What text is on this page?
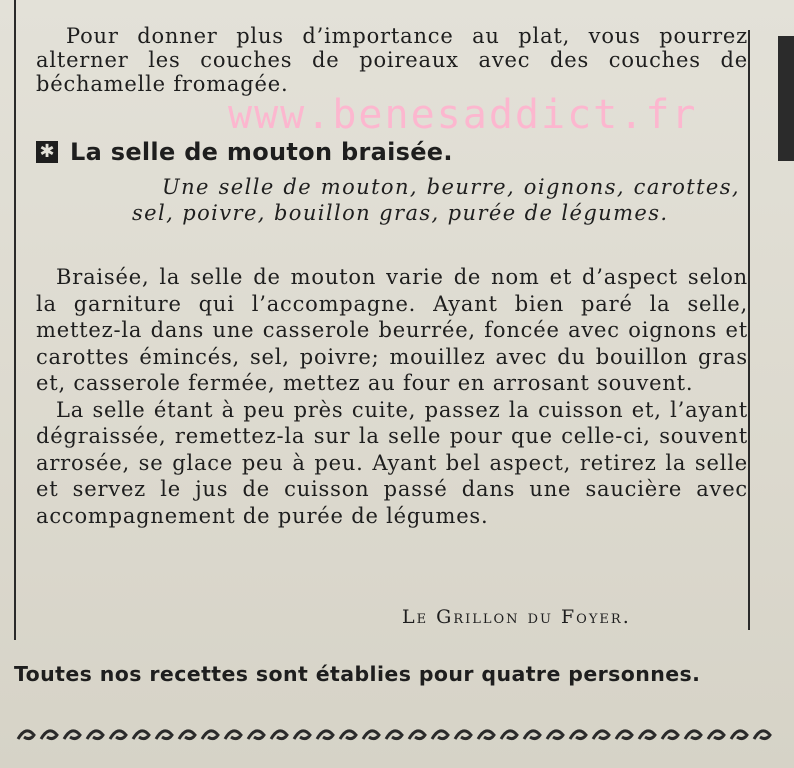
Pour donner plus d’importance au plat, vous pourrez alterner les couches de poireaux avec des couches de béchamelle fromagée.
www.benesaddict.fr
✱ La selle de mouton braisée.
Une selle de mouton, beurre, oignons, carottes, sel, poivre, bouillon gras, purée de légumes.

Braisée, la selle de mouton varie de nom et d’aspect selon la garniture qui l’accompagne. Ayant bien paré la selle, mettez-la dans une casserole beurrée, foncée avec oignons et carottes émincés, sel, poivre; mouillez avec du bouillon gras et, casserole fermée, mettez au four en arrosant souvent.

La selle étant à peu près cuite, passez la cuisson et, l’ayant dégraissée, remettez-la sur la selle pour que celle-ci, souvent arrosée, se glace peu à peu. Ayant bel aspect, retirez la selle et servez le jus de cuisson passé dans une saucière avec accompagnement de purée de légumes.

Le Grillon du Foyer.
Toutes nos recettes sont établies pour quatre personnes.
